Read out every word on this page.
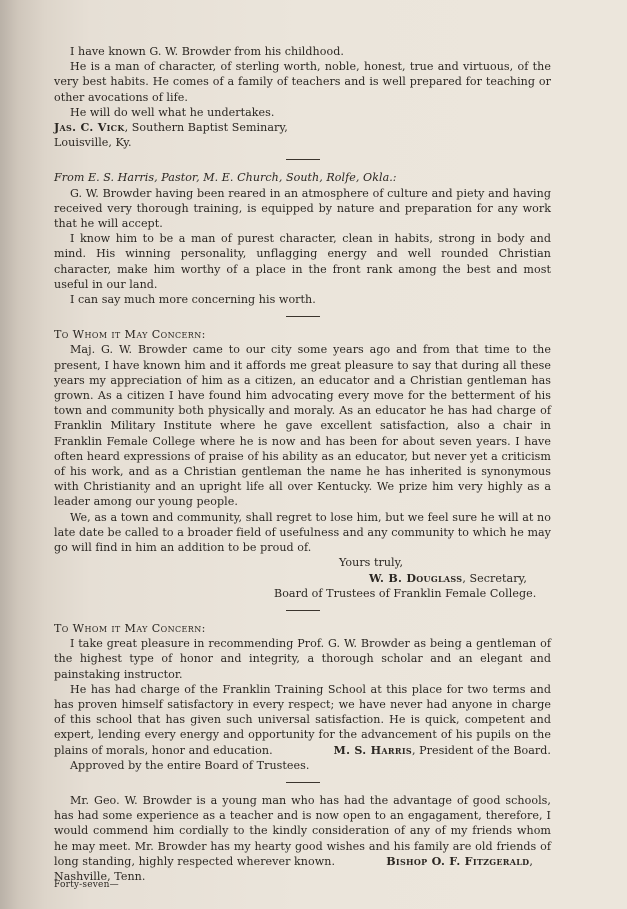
I have known G. W. Browder from his childhood.

He is a man of character, of sterling worth, noble, honest, true and virtuous, of the very best habits. He comes of a family of teachers and is well prepared for teaching or other avocations of life.

He will do well what he undertakes.

Jas. C. Vick, Southern Baptist Seminary,

Louisville, Ky.

From E. S. Harris, Pastor, M. E. Church, South, Rolfe, Okla.:

G. W. Browder having been reared in an atmosphere of culture and piety and having received very thorough training, is equipped by nature and preparation for any work that he will accept.

I know him to be a man of purest character, clean in habits, strong in body and mind. His winning personality, unflagging energy and well rounded Christian character, make him worthy of a place in the front rank among the best and most useful in our land.

I can say much more concerning his worth.

To Whom it May Concern:

Maj. G. W. Browder came to our city some years ago and from that time to the present, I have known him and it affords me great pleasure to say that during all these years my appreciation of him as a citizen, an educator and a Christian gentleman has grown. As a citizen I have found him advocating every move for the betterment of his town and community both physically and moraly. As an educator he has had charge of Franklin Military Institute where he gave excellent satisfaction, also a chair in Franklin Female College where he is now and has been for about seven years. I have often heard expressions of praise of his ability as an educator, but never yet a criticism of his work, and as a Christian gentleman the name he has inherited is synonymous with Christianity and an upright life all over Kentucky. We prize him very highly as a leader among our young people.

We, as a town and community, shall regret to lose him, but we feel sure he will at no late date be called to a broader field of usefulness and any community to which he may go will find in him an addition to be proud of.

Yours truly,

W. B. Douglass, Secretary,

Board of Trustees of Franklin Female College.

To Whom it May Concern:

I take great pleasure in recommending Prof. G. W. Browder as being a gentleman of the highest type of honor and integrity, a thorough scholar and an elegant and painstaking instructor.

He has had charge of the Franklin Training School at this place for two terms and has proven himself satisfactory in every respect; we have never had anyone in charge of this school that has given such universal satisfaction. He is quick, competent and expert, lending every energy and opportunity for the advancement of his pupils on the plains of morals, honor and education.	M. S. Harris, President of the Board.

Approved by the entire Board of Trustees.

Mr. Geo. W. Browder is a young man who has had the advantage of good schools, has had some experience as a teacher and is now open to an engagament, therefore, I would commend him cordially to the kindly consideration of any of my friends whom he may meet. Mr. Browder has my hearty good wishes and his family are old friends of long standing, highly respected wherever known.	Bishop O. F. Fitzgerald,

Nashville, Tenn.

Forty-seven—
